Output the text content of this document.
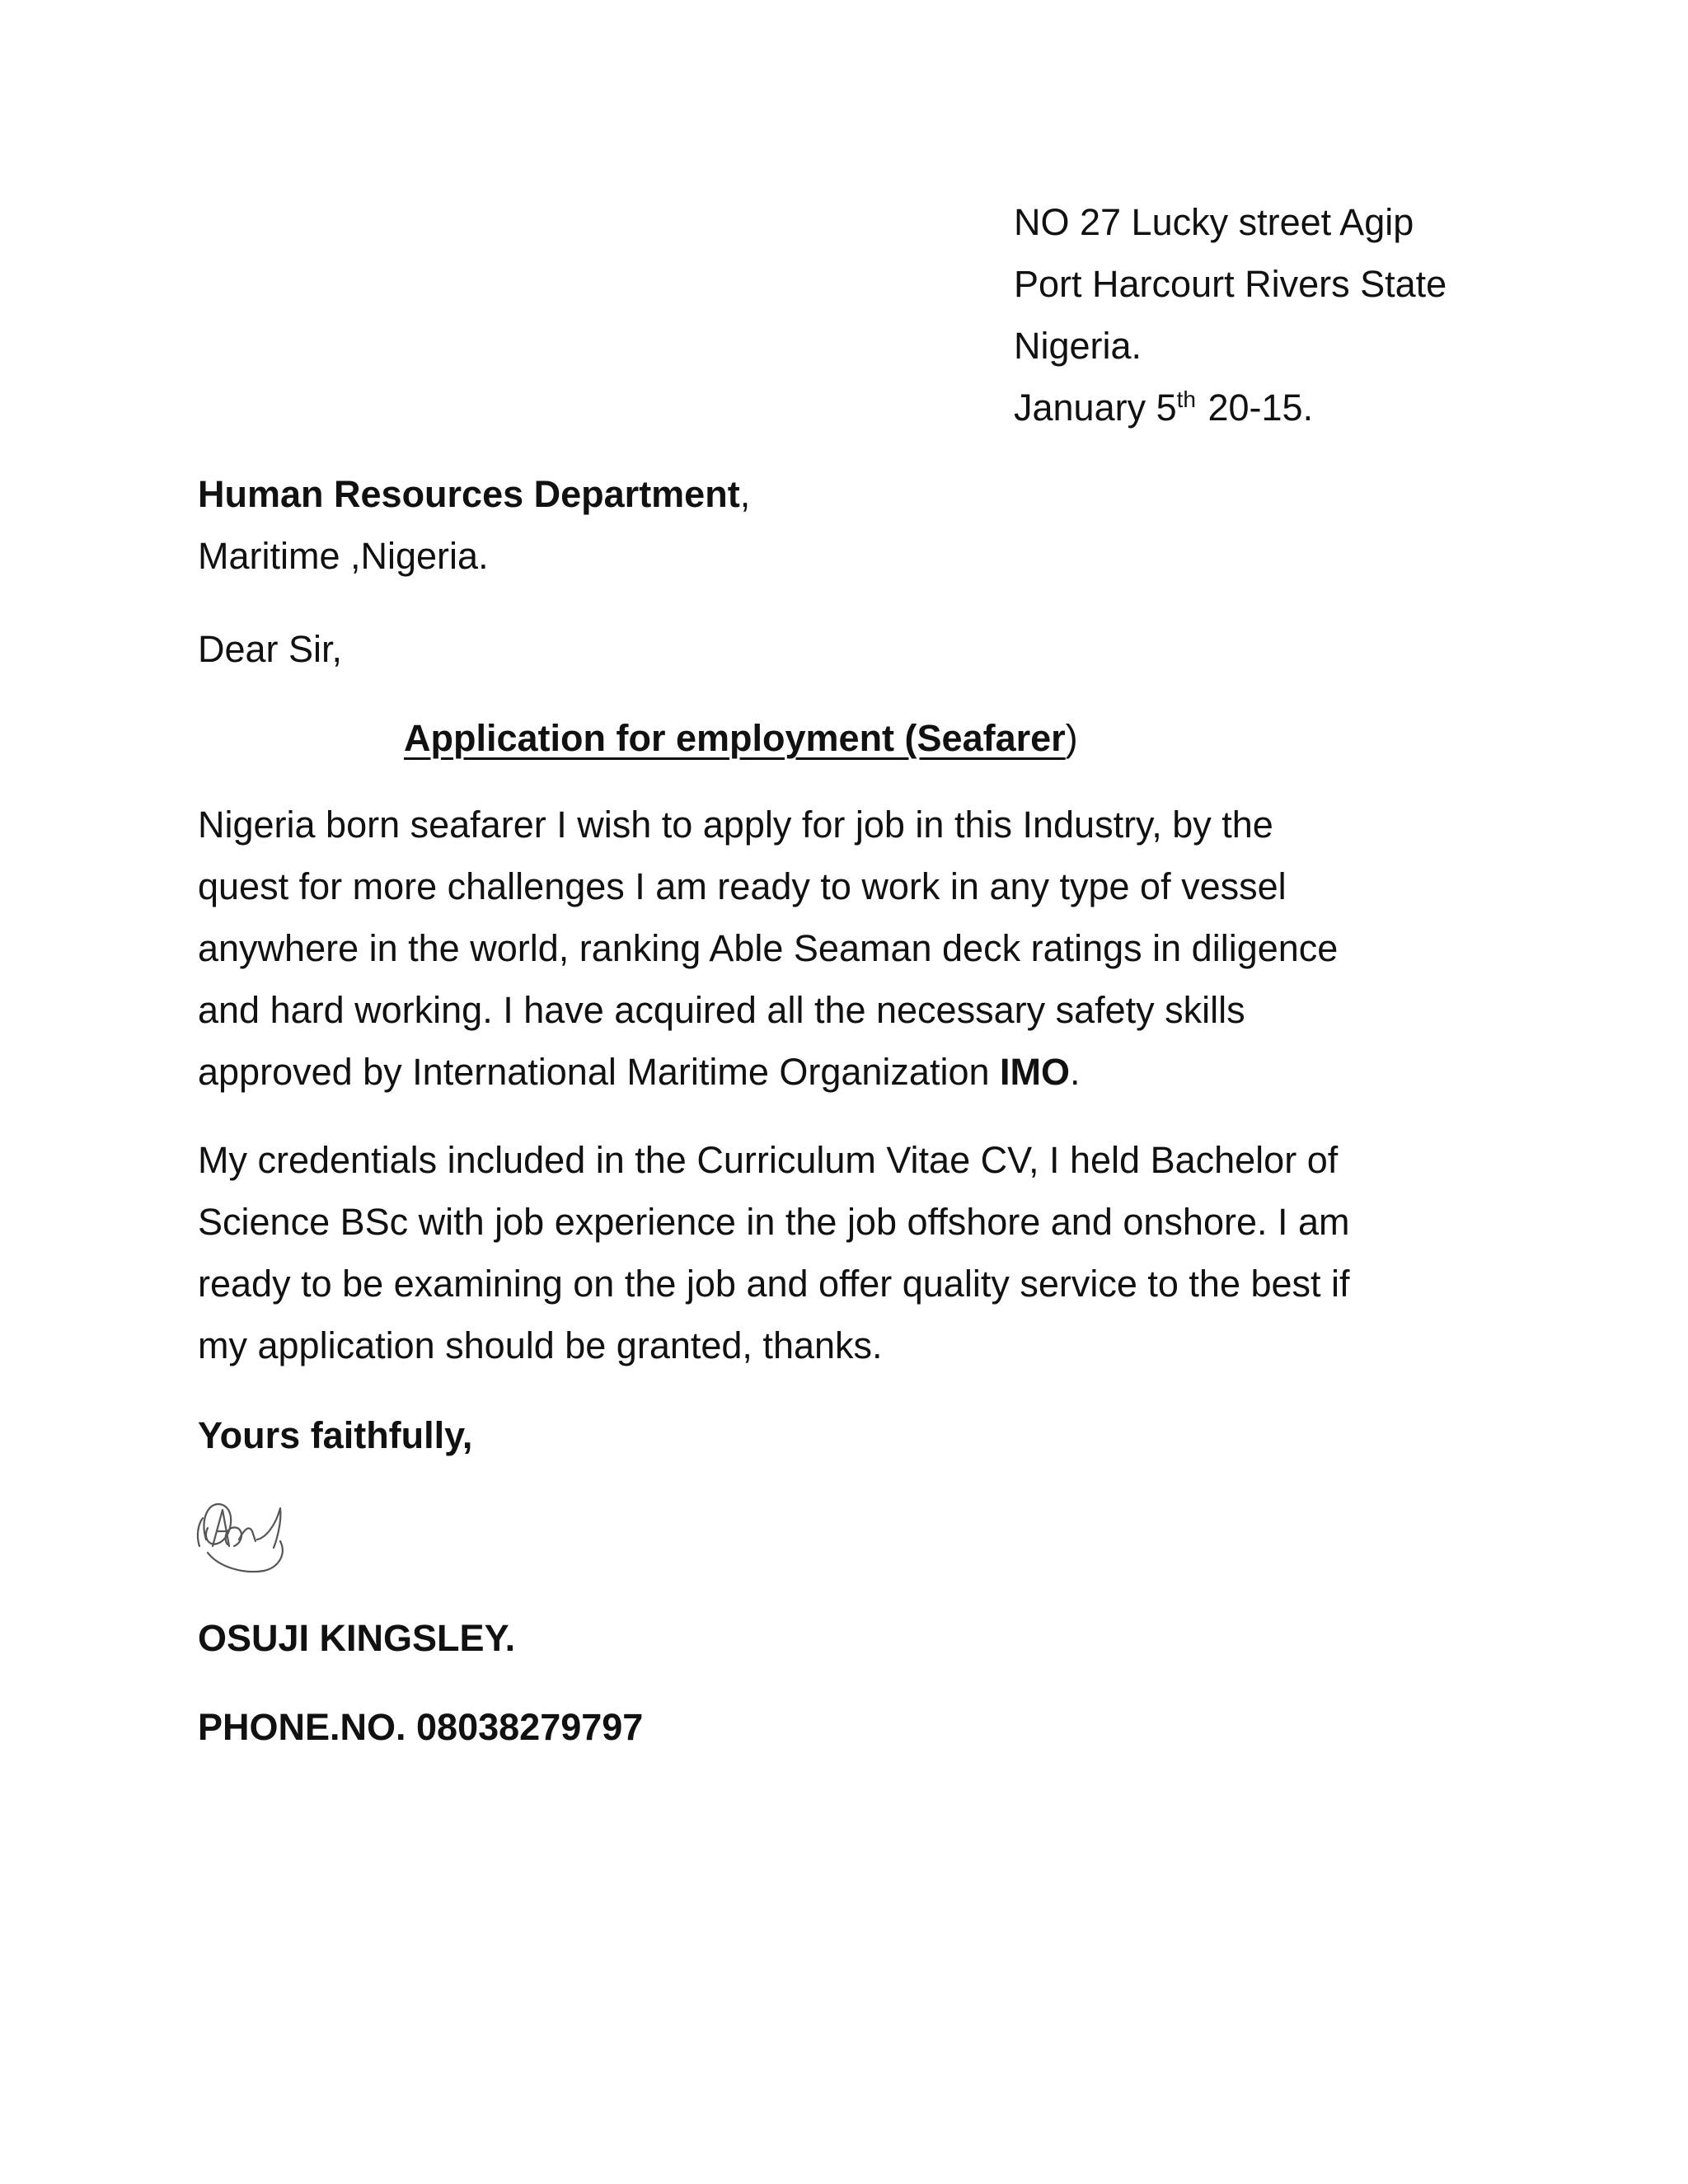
NO 27 Lucky street Agip
Port Harcourt Rivers State
Nigeria.
January 5th 20-15.
Human Resources Department,
Maritime ,Nigeria.
Dear Sir,
Application for employment (Seafarer)
Nigeria born seafarer I wish to apply for job in this Industry, by the
quest for more challenges I am ready to work in any type of vessel
anywhere in the world, ranking Able Seaman deck ratings in diligence
and hard working. I have acquired all the necessary safety skills
approved by International Maritime Organization IMO.
My credentials included in the Curriculum Vitae CV, I held Bachelor of
Science BSc with job experience in the job offshore and onshore. I am
ready to be examining on the job and offer quality service to the best if
my application should be granted, thanks.
Yours faithfully,
OSUJI KINGSLEY.
PHONE.NO. 08038279797
